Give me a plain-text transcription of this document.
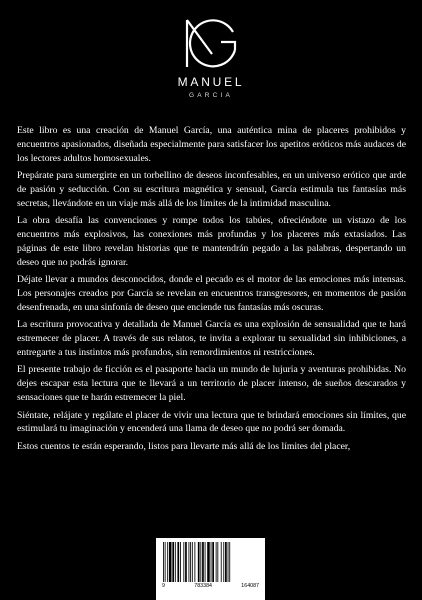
MANUEL
GARCIA

Este libro es una creación de Manuel García, una auténtica mina de placeres prohibidos y encuentros apasionados, diseñada especialmente para satisfacer los apetitos eróticos más audaces de los lectores adultos homosexuales.

Prepárate para sumergirte en un torbellino de deseos inconfesables, en un universo erótico que arde de pasión y seducción. Con su escritura magnética y sensual, García estimula tus fantasías más secretas, llevándote en un viaje más allá de los límites de la intimidad masculina.

La obra desafía las convenciones y rompe todos los tabúes, ofreciéndote un vistazo de los encuentros más explosivos, las conexiones más profundas y los placeres más extasiados. Las páginas de este libro revelan historias que te mantendrán pegado a las palabras, despertando un deseo que no podrás ignorar.

Déjate llevar a mundos desconocidos, donde el pecado es el motor de las emociones más intensas. Los personajes creados por García se revelan en encuentros transgresores, en momentos de pasión desenfrenada, en una sinfonía de deseo que enciende tus fantasías más oscuras.

La escritura provocativa y detallada de Manuel García es una explosión de sensualidad que te hará estremecer de placer. A través de sus relatos, te invita a explorar tu sexualidad sin inhibiciones, a entregarte a tus instintos más profundos, sin remordimientos ni restricciones.

El presente trabajo de ficción es el pasaporte hacia un mundo de lujuria y aventuras prohibidas. No dejes escapar esta lectura que te llevará a un territorio de placer intenso, de sueños descarados y sensaciones que te harán estremecer la piel.

Siéntate, relájate y regálate el placer de vivir una lectura que te brindará emociones sin límites, que estimulará tu imaginación y encenderá una llama de deseo que no podrá ser domada.

Estos cuentos te están esperando, listos para llevarte más allá de los límites del placer,

9	783384	164087
